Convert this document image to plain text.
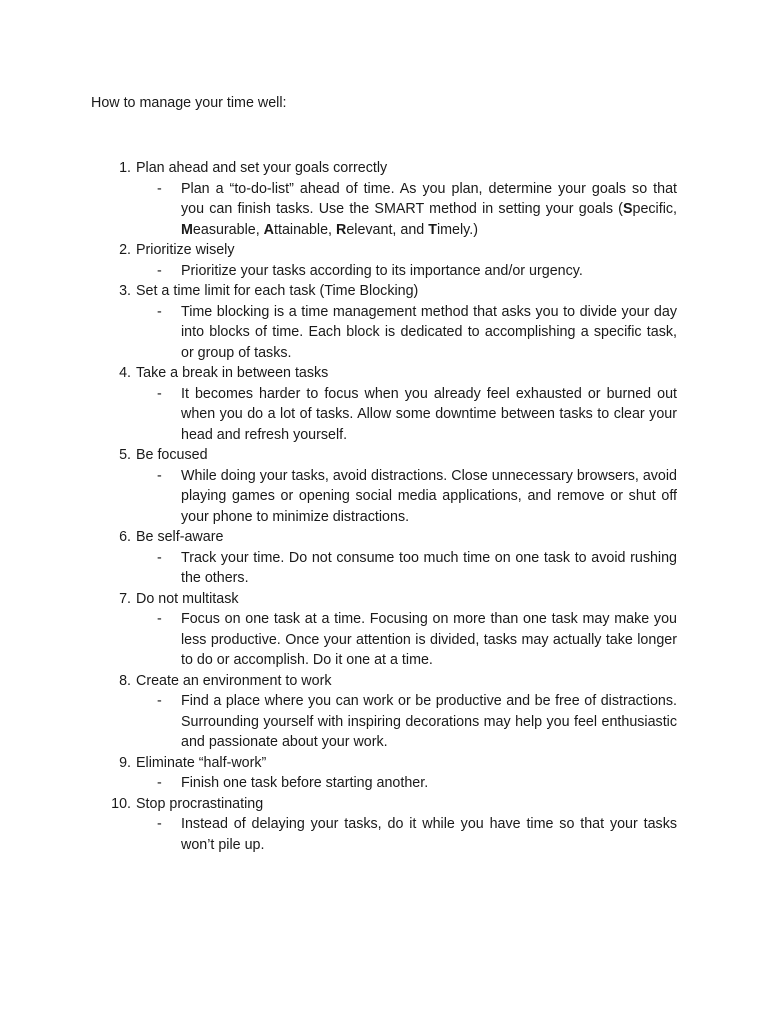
How to manage your time well:
1. Plan ahead and set your goals correctly
- Plan a “to-do-list” ahead of time. As you plan, determine your goals so that you can finish tasks. Use the SMART method in setting your goals (Specific, Measurable, Attainable, Relevant, and Timely.)
2. Prioritize wisely
- Prioritize your tasks according to its importance and/or urgency.
3. Set a time limit for each task (Time Blocking)
- Time blocking is a time management method that asks you to divide your day into blocks of time. Each block is dedicated to accomplishing a specific task, or group of tasks.
4. Take a break in between tasks
- It becomes harder to focus when you already feel exhausted or burned out when you do a lot of tasks. Allow some downtime between tasks to clear your head and refresh yourself.
5. Be focused
- While doing your tasks, avoid distractions. Close unnecessary browsers, avoid playing games or opening social media applications, and remove or shut off your phone to minimize distractions.
6. Be self-aware
- Track your time. Do not consume too much time on one task to avoid rushing the others.
7. Do not multitask
- Focus on one task at a time. Focusing on more than one task may make you less productive. Once your attention is divided, tasks may actually take longer to do or accomplish. Do it one at a time.
8. Create an environment to work
- Find a place where you can work or be productive and be free of distractions. Surrounding yourself with inspiring decorations may help you feel enthusiastic and passionate about your work.
9. Eliminate “half-work”
- Finish one task before starting another.
10. Stop procrastinating
- Instead of delaying your tasks, do it while you have time so that your tasks won’t pile up.
